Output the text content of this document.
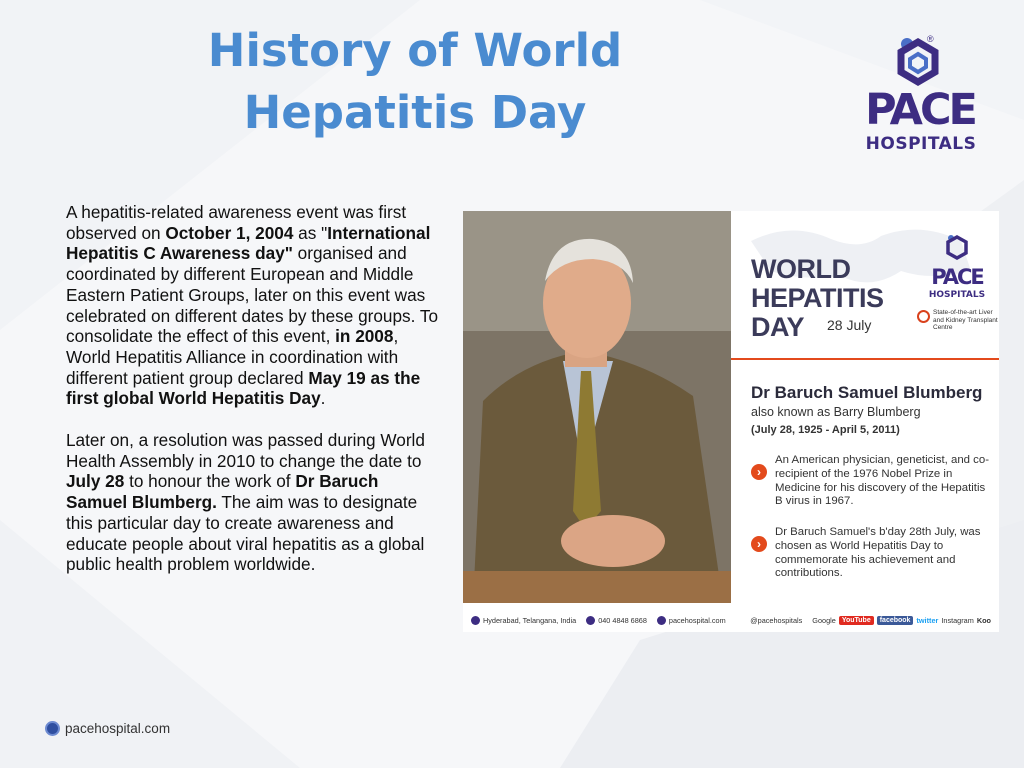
History of World
Hepatitis Day
®
PACE
HOSPITALS

A hepatitis-related awareness event was first observed on October 1, 2004 as "International Hepatitis C Awareness day" organised and coordinated by different European and Middle Eastern Patient Groups, later on this event was celebrated on different dates by these groups. To consolidate the effect of this event, in 2008, World Hepatitis Alliance in coordination with different patient group declared May 19 as the first global World Hepatitis Day.

Later on, a resolution was passed during World Health Assembly in 2010 to change the date to July 28 to honour the work of Dr Baruch Samuel Blumberg. The aim was to designate this particular day to create awareness and educate people about viral hepatitis as a global public health problem worldwide.

WORLD
HEPATITIS
DAY	28 July
PACE
HOSPITALS
State-of-the-art Liver and Kidney Transplant Centre
Dr Baruch Samuel Blumberg
also known as Barry Blumberg
(July 28, 1925 - April 5, 2011)
›
An American physician, geneticist, and co-recipient of the 1976 Nobel Prize in Medicine for his discovery of the Hepatitis B virus in 1967.
›
Dr Baruch Samuel's b'day 28th July, was chosen as World Hepatitis Day to commemorate his achievement and contributions.
Hyderabad, Telangana, India	040 4848 6868	pacehospital.com	@pacehospitals Google YouTube	facebook twitter Instagram Koo
pacehospital.com
